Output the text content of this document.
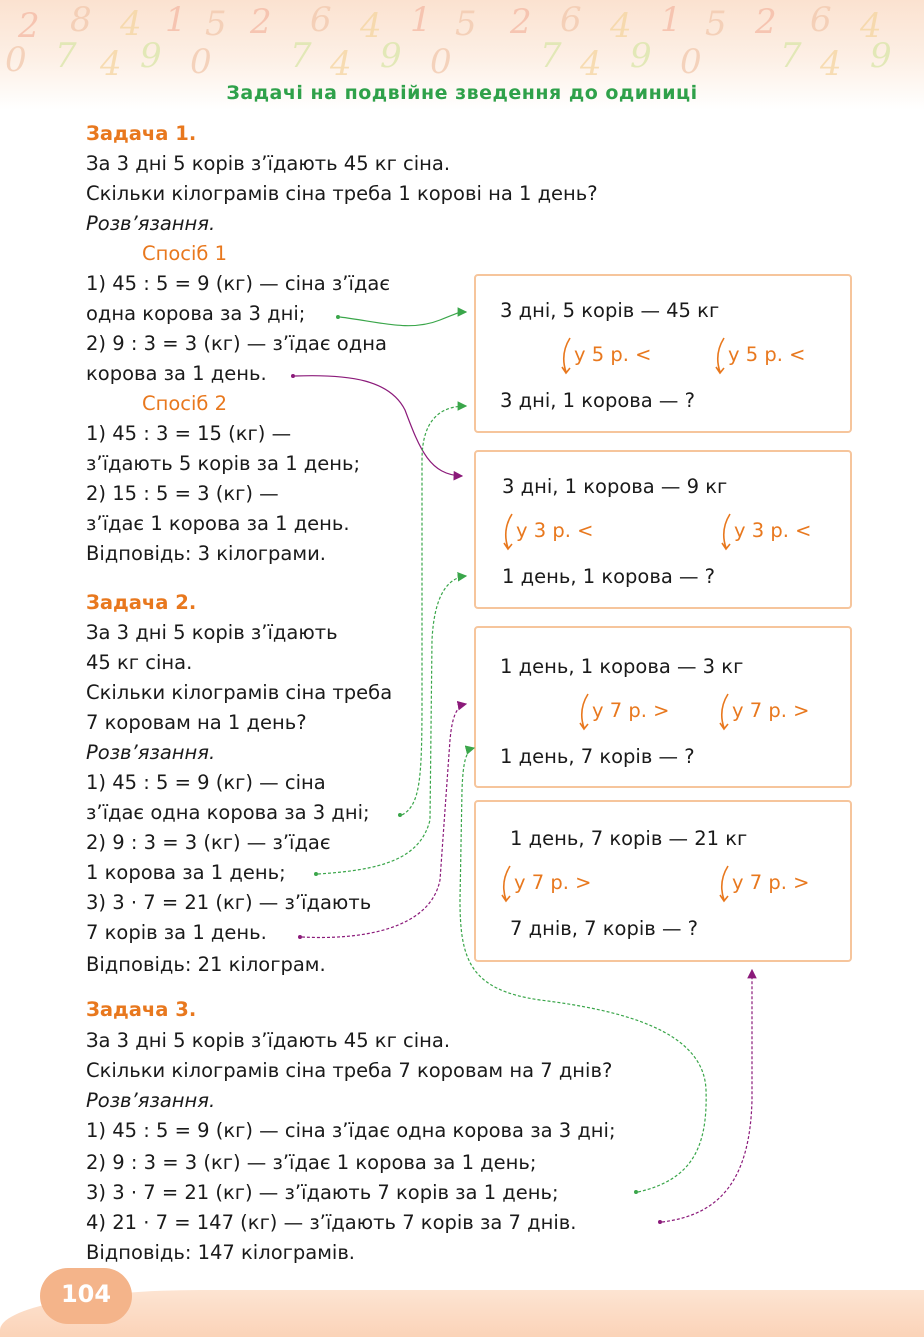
2 8 4 1 5 2 6 4 1 5 2 6 4 1 5 2 6 4
0 7 4 9 0 7 4 9 0	7 4 9 0 7 4 9
Задачі на подвійне зведення до одиниці
Задача 1.
За 3 дні 5 корів з’їдають 45 кг сіна.
Скільки кілограмів сіна треба 1 корові на 1 день?
Розв’язання.
Спосіб 1
1) 45 : 5 = 9 (кг) — сіна з’їдає
одна корова за 3 дні;
2) 9 : 3 = 3 (кг) — з’їдає одна
корова за 1 день.
Спосіб 2
1) 45 : 3 = 15 (кг) —
з’їдають 5 корів за 1 день;
2) 15 : 5 = 3 (кг) —
з’їдає 1 корова за 1 день.
Відповідь: 3 кілограми.
Задача 2.
За 3 дні 5 корів з’їдають
45 кг сіна.
Скільки кілограмів сіна треба
7 коровам на 1 день?
Розв’язання.
1) 45 : 5 = 9 (кг) — сіна
з’їдає одна корова за 3 дні;
2) 9 : 3 = 3 (кг) — з’їдає
1 корова за 1 день;
3) 3 · 7 = 21 (кг) — з’їдають
7 корів за 1 день.
Відповідь: 21 кілограм.
Задача 3.
За 3 дні 5 корів з’їдають 45 кг сіна.
Скільки кілограмів сіна треба 7 коровам на 7 днів?
Розв’язання.
1) 45 : 5 = 9 (кг) — сіна з’їдає одна корова за 3 дні;
2) 9 : 3 = 3 (кг) — з’їдає 1 корова за 1 день;
3) 3 · 7 = 21 (кг) — з’їдають 7 корів за 1 день;
4) 21 · 7 = 147 (кг) — з’їдають 7 корів за 7 днів.
Відповідь: 147 кілограмів.
3 дні, 5 корів — 45 кг
у 5 р. <	у 5 р. <
3 дні, 1 корова — ?
3 дні, 1 корова — 9 кг
у 3 р. <	у 3 р. <
1 день, 1 корова — ?
1 день, 1 корова — 3 кг
у 7 р. >	у 7 р. >
1 день, 7 корів — ?
1 день, 7 корів — 21 кг
у 7 р. >	у 7 р. >
7 днів, 7 корів — ?
104
